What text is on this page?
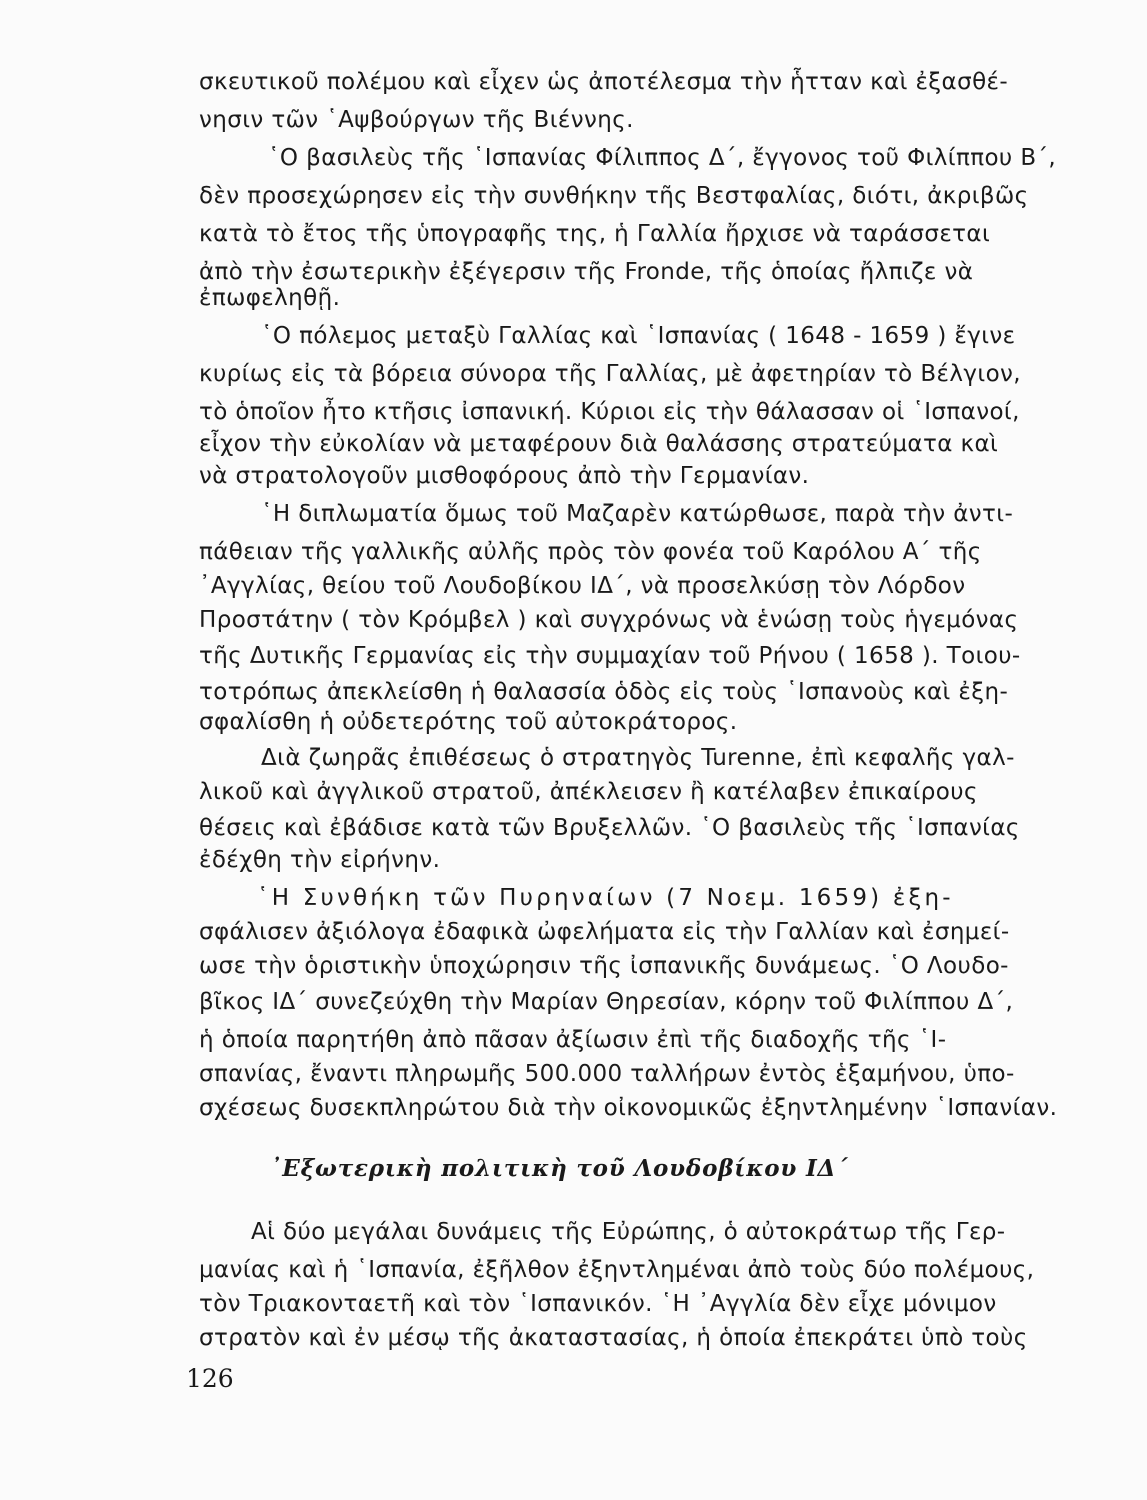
σκευτικοῦ πολέμου καὶ εἶχεν ὡς ἀποτέλεσμα τὴν ἧτταν καὶ ἐξασθέ-
νησιν τῶν ῾Αψβούργων τῆς Βιέννης.
῾Ο βασιλεὺς τῆς ῾Ισπανίας Φίλιππος Δ΄, ἔγγονος τοῦ Φιλίππου Β΄,
δὲν προσεχώρησεν εἰς τὴν συνθήκην τῆς Βεστφαλίας, διότι, ἀκριβῶς
κατὰ τὸ ἔτος τῆς ὑπογραφῆς της, ἡ Γαλλία ἤρχισε νὰ ταράσσεται
ἀπὸ τὴν ἐσωτερικὴν ἐξέγερσιν τῆς Fronde, τῆς ὁποίας ἤλπιζε νὰ
ἐπωφεληθῇ.
῾Ο πόλεμος μεταξὺ Γαλλίας καὶ ῾Ισπανίας ( 1648 - 1659 ) ἔγινε
κυρίως εἰς τὰ βόρεια σύνορα τῆς Γαλλίας, μὲ ἀφετηρίαν τὸ Βέλγιον,
τὸ ὁποῖον ἦτο κτῆσις ἰσπανική. Κύριοι εἰς τὴν θάλασσαν οἱ ῾Ισπανοί,
εἶχον τὴν εὐκολίαν νὰ μεταφέρουν διὰ θαλάσσης στρατεύματα καὶ
νὰ στρατολογοῦν μισθοφόρους ἀπὸ τὴν Γερμανίαν.
῾Η διπλωματία ὅμως τοῦ Μαζαρὲν κατώρθωσε, παρὰ τὴν ἀντι-
πάθειαν τῆς γαλλικῆς αὐλῆς πρὸς τὸν φονέα τοῦ Καρόλου Α΄ τῆς
᾿Αγγλίας, θείου τοῦ Λουδοβίκου ΙΔ΄, νὰ προσελκύσῃ τὸν Λόρδον
Προστάτην ( τὸν Κρόμβελ ) καὶ συγχρόνως νὰ ἑνώσῃ τοὺς ἡγεμόνας
τῆς Δυτικῆς Γερμανίας εἰς τὴν συμμαχίαν τοῦ Ρήνου ( 1658 ). Τοιου-
τοτρόπως ἀπεκλείσθη ἡ θαλασσία ὁδὸς εἰς τοὺς ῾Ισπανοὺς καὶ ἐξη-
σφαλίσθη ἡ οὐδετερότης τοῦ αὐτοκράτορος.
Διὰ ζωηρᾶς ἐπιθέσεως ὁ στρατηγὸς Turenne, ἐπὶ κεφαλῆς γαλ-
λικοῦ καὶ ἀγγλικοῦ στρατοῦ, ἀπέκλεισεν ἢ κατέλαβεν ἐπικαίρους
θέσεις καὶ ἐβάδισε κατὰ τῶν Βρυξελλῶν. ῾Ο βασιλεὺς τῆς ῾Ισπανίας
ἐδέχθη τὴν εἰρήνην.
῾Η Συνθήκη τῶν Πυρηναίων (7 Νοεμ. 1659) ἐξη-
σφάλισεν ἀξιόλογα ἐδαφικὰ ὠφελήματα εἰς τὴν Γαλλίαν καὶ ἐσημεί-
ωσε τὴν ὁριστικὴν ὑποχώρησιν τῆς ἰσπανικῆς δυνάμεως. ῾Ο Λουδο-
βῖκος ΙΔ΄ συνεζεύχθη τὴν Μαρίαν Θηρεσίαν, κόρην τοῦ Φιλίππου Δ΄,
ἡ ὁποία παρητήθη ἀπὸ πᾶσαν ἀξίωσιν ἐπὶ τῆς διαδοχῆς τῆς ῾Ι-
σπανίας, ἔναντι πληρωμῆς 500.000 ταλλήρων ἐντὸς ἑξαμήνου, ὑπο-
σχέσεως δυσεκπληρώτου διὰ τὴν οἰκονομικῶς ἐξηντλημένην ῾Ισπανίαν.
Αἱ δύο μεγάλαι δυνάμεις τῆς Εὐρώπης, ὁ αὐτοκράτωρ τῆς Γερ-
μανίας καὶ ἡ ῾Ισπανία, ἐξῆλθον ἐξηντλημέναι ἀπὸ τοὺς δύο πολέμους,
τὸν Τριακονταετῆ καὶ τὸν ῾Ισπανικόν. ῾Η ᾿Αγγλία δὲν εἶχε μόνιμον
στρατὸν καὶ ἐν μέσῳ τῆς ἀκαταστασίας, ἡ ὁποία ἐπεκράτει ὑπὸ τοὺς
᾿Εξωτερικὴ πολιτικὴ τοῦ Λουδοβίκου ΙΔ΄
126
